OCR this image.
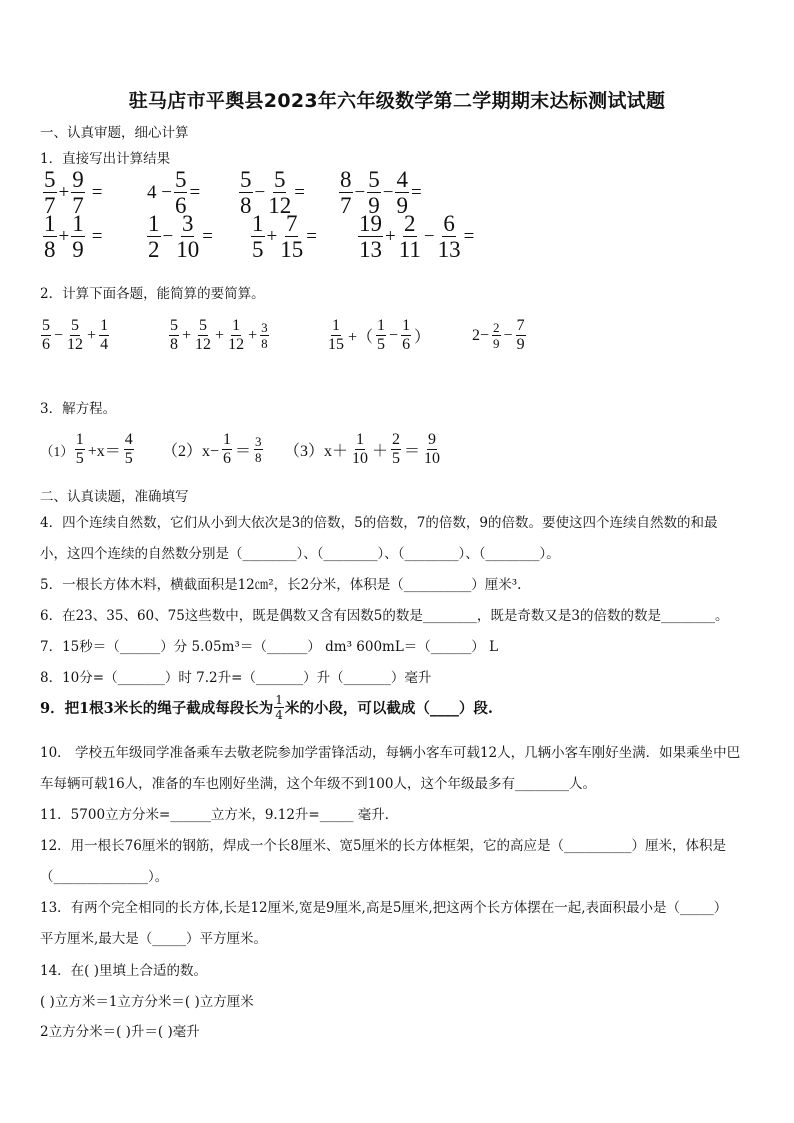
驻马店市平舆县2023年六年级数学第二学期期末达标测试试题
一、认真审题，细心计算
1．直接写出计算结果
$\frac{5}{7} + \frac{9}{7} = 4 - \frac{5}{6} = \frac{5}{8} - \frac{5}{12} = \frac{8}{7} - \frac{5}{9} - \frac{4}{9}$ =
$\frac{1}{8} + \frac{1}{9} = \frac{1}{2} - \frac{3}{10} = \frac{1}{5} + \frac{7}{15} = \frac{19}{13} + \frac{2}{11} - \frac{6}{13}$ =
2．计算下面各题，能简算的要简算。
$\frac{5}{6} - \frac{5}{12} + \frac{1}{4}$	$\frac{5}{8} + \frac{5}{12} + \frac{1}{12} + \frac{3}{8}$	$\frac{1}{15}$ +（ $\frac{1}{5} - \frac{1}{6}$ ）	$2- \frac{2}{9} - \frac{7}{9}$
3．解方程。
$(1) \frac{1}{5} +x= \frac{4}{5} (2)x- \frac{1}{6} = \frac{3}{8} (3)x+ \frac{1}{10} + \frac{2}{5} = \frac{9}{10}$
二、认真读题，准确填写
4．四个连续自然数，它们从小到大依次是3的倍数，5的倍数，7的倍数，9的倍数。要使这四个连续自然数的和最
小，这四个连续的自然数分别是（________）、（________）、（________）、（________）。
5．一根长方体木料，横截面积是12㎝²，长2分米，体积是（__________）厘米³.
6．在23、35、60、75这些数中，既是偶数又含有因数5的数是________，既是奇数又是3的倍数的数是________。
7．15秒＝（______）分 5.05m³＝（______） dm³ 600mL＝（______） L
8．10分=（_______）时 7.2升=（_______）升（_______）毫升
9．把1根3米长的绳子截成每段长为 $\frac{1}{4}$ 米的小段，可以截成（____）段.
10． 学校五年级同学准备乘车去敬老院参加学雷锋活动，每辆小客车可载12人，几辆小客车刚好坐满．如果乘坐中巴
车每辆可载16人，准备的车也刚好坐满，这个年级不到100人，这个年级最多有________人。
11．5700立方分米=______立方米，9.12升=_____ 毫升．
12．用一根长76厘米的钢筋，焊成一个长8厘米、宽5厘米的长方体框架，它的高应是（__________）厘米，体积是
（______________）。
13．有两个完全相同的长方体,长是12厘米,宽是9厘米,高是5厘米,把这两个长方体摆在一起,表面积最小是（_____）
平方厘米,最大是（_____）平方厘米。
14．在( )里填上合适的数。
( )立方米＝1立方分米＝( )立方厘米
2立方分米＝( )升＝( )毫升
